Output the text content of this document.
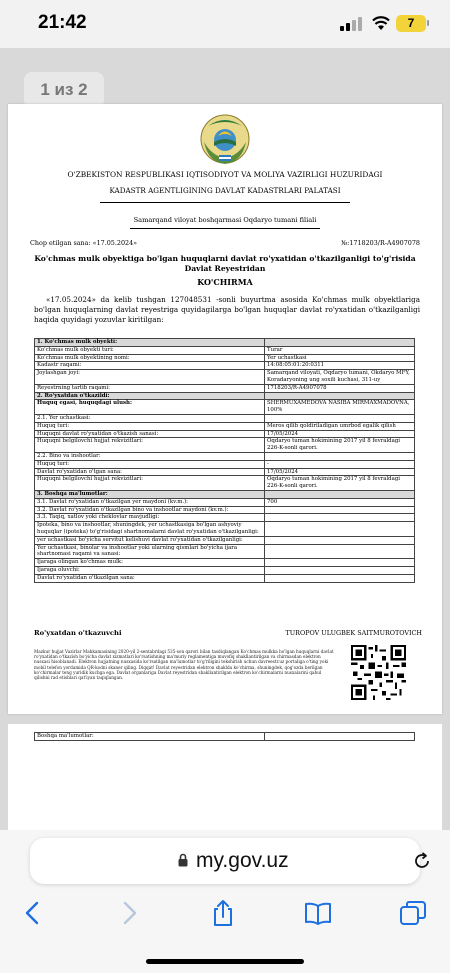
21:42	7
1 из 2
O'ZBEKISTON RESPUBLIKASI IQTISODIYOT VA MOLIYA VAZIRLIGI HUZURIDAGI
KADASTR AGENTLIGINING DAVLAT KADASTRLARI PALATASI
Samarqand viloyat boshqarmasi Oqdaryo tumani filiali
Chop etilgan sana: «17.05.2024»	№:1718203/R-A4907078
Ko'chmas mulk obyektiga bo'lgan huquqlarni davlat ro'yxatidan o'tkazilganligi to'g'risida Davlat Reyestridan
KO'CHIRMA
«17.05.2024» da kelib tushgan 127048531 -sonli buyurtma asosida Ko'chmas mulk obyektlariga bo'lgan huquqlarning davlat reyestriga quyidagilarga bo'lgan huquqlar davlat ro'yxatidan o'tkazilganligi haqida quyidagi yozuvlar kiritilgan:
1. Ko'chmas mulk obyekti:	
Ko'chmas mulk obyekti turi:	Turar
Ko'chmas mulk obyektining nomi:	Yer uchastkasi
Kadastr raqami:	14:08:05:01:20:0311
Joylashgan joyi:	Samarqand viloyati, Oqdaryo tumani, Okdaryo MFY, Koradaryoning ung soxili kuchasi, 311-uy
Reyestrning tartib raqami:	1718203/R-A4907078
2. Ro'yxatdan o'tkazildi:	
Huquq egasi, huquqdagi ulush:	SHERMUXAMEDOVA NASIBA MIRMAXMADOVNA, 100%
2.1. Yer uchastkasi:	
Huquq turi:	Meros qilib qoldiriladigan umrbod egalik qilish
Huquqni davlat ro'yxatidan o'tkazish sanasi:	17/05/2024
Huquqni belgilovchi hujjat rekvizitlari:	Oqdaryo tuman hokimining 2017 yil 8 fevraldagi 226-K-sonli qarori.
2.2. Bino va inshootlar:	
Huquq turi:	-
Davlat ro'yxatidan o'tgan sana:	17/05/2024
Huquqni belgilovchi hujjat rekvizitlari:	Oqdaryo tuman hokimining 2017 yil 8 fevraldagi 226-K-sonli qarori.
3. Boshqa ma'lumotlar:	
3.1. Davlat ro'yxatidan o'tkazilgan yer maydoni (kv.m.):	700
3.2. Davlat ro'yxatidan o'tkazilgan bino va inshootlar maydoni (kv.m.):	
3.3. Taqiq, xatlov yoki cheklovlar mavjudligi:	
Ipoteka, bino va inshootlar, shuningdek, yer uchastkasiga bo'lgan ashyoviy huquqlar (ipoteka) to'g'risidagi shartnomalarni davlat ro'yxatidan o'tkazilganligi:	
yer uchastkasi bo'yicha servitut kelishuvi davlat ro'yxatidan o'tkazilganligi:	
Yer uchastkasi, binolar va inshootlar yoki ularning qismlari bo'yicha ijara shartnomasi raqami va sanasi:	
Ijaraga olingan ko'chmas mulk:	
Ijaraga oluvchi:	
Davlat ro'yxatidan o'tkazilgan sana:	
Ro'yxatdan o'tkazuvchi	TUROPOV ULUGBEK SAITMUROTOVICH
Mazkur hujjat Vazirlar Mahkamasining 2020-yil 2-sentabrdagi 535-son qarori bilan tasdiqlangan Ko'chmas mulkka bo'lgan huquqlarni davlat ro'yxatidan o'tkazish bo'yicha davlat xizmatlari ko'rsatishning ma'muriy reglamentiga muvofiq shakllantirilgan va chirmasdan elektron nusxasi hisoblanadi. Elektron hujjatning nusxasida ko'rsatilgan ma'lumotlar to'g'riligini tekshirish uchun davreestr.uz portaliga o'ting yoki mobil telefon yordamida QR-kodni skaner qiling. Diqqat! Davlat reyestridan elektron shaklda ko'chirma, shuningdek, qog'ozda berilgan ko'chirmalar teng yuridik kuchga ega. Davlat organlariga Davlat reyestridan shakllantirilgan elektron ko'chirmalarni nusxalarini qabul qilishni rad etishlari qat'iyan taqiqlangan.
Boshqa ma'lumotlar:	
my.gov.uz
